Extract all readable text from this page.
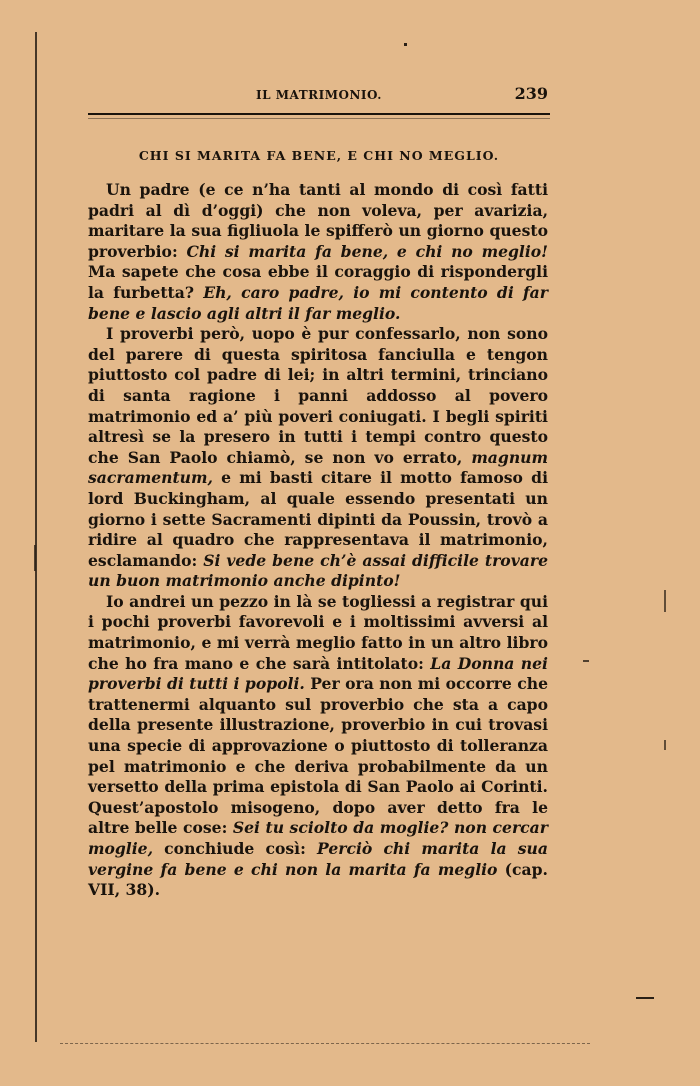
IL MATRIMONIO.	239
CHI SI MARITA FA BENE, E CHI NO MEGLIO.

Un padre (e ce n’ha tanti al mondo di così fatti padri al dì d’oggi) che non voleva, per avarizia, maritare la sua figliuola le spifferò un giorno questo proverbio: Chi si marita fa bene, e chi no meglio! Ma sapete che cosa ebbe il coraggio di rispondergli la furbetta? Eh, caro padre, io mi contento di far bene e lascio agli altri il far meglio.

I proverbi però, uopo è pur confessarlo, non sono del parere di questa spiritosa fanciulla e tengon piuttosto col padre di lei; in altri termini, trinciano di santa ragione i panni addosso al povero matrimonio ed a’ più poveri coniugati. I begli spiriti altresì se la presero in tutti i tempi contro questo che San Paolo chiamò, se non vo errato, magnum sacramentum, e mi basti citare il motto famoso di lord Buckingham, al quale essendo presentati un giorno i sette Sacramenti dipinti da Poussin, trovò a ridire al quadro che rappresentava il matrimonio, esclamando: Si vede bene ch’è assai difficile trovare un buon matrimonio anche dipinto!

Io andrei un pezzo in là se togliessi a registrar qui i pochi proverbi favorevoli e i moltissimi avversi al matrimonio, e mi verrà meglio fatto in un altro libro che ho fra mano e che sarà intitolato: La Donna nei proverbi di tutti i popoli. Per ora non mi occorre che trattenermi alquanto sul proverbio che sta a capo della presente illustrazione, proverbio in cui trovasi una specie di approvazione o piuttosto di tolleranza pel matrimonio e che deriva probabilmente da un versetto della prima epistola di San Paolo ai Corinti. Quest’apostolo misogeno, dopo aver detto fra le altre belle cose: Sei tu sciolto da moglie? non cercar moglie, conchiude così: Perciò chi marita la sua vergine fa bene e chi non la marita fa meglio (cap. VII, 38).
